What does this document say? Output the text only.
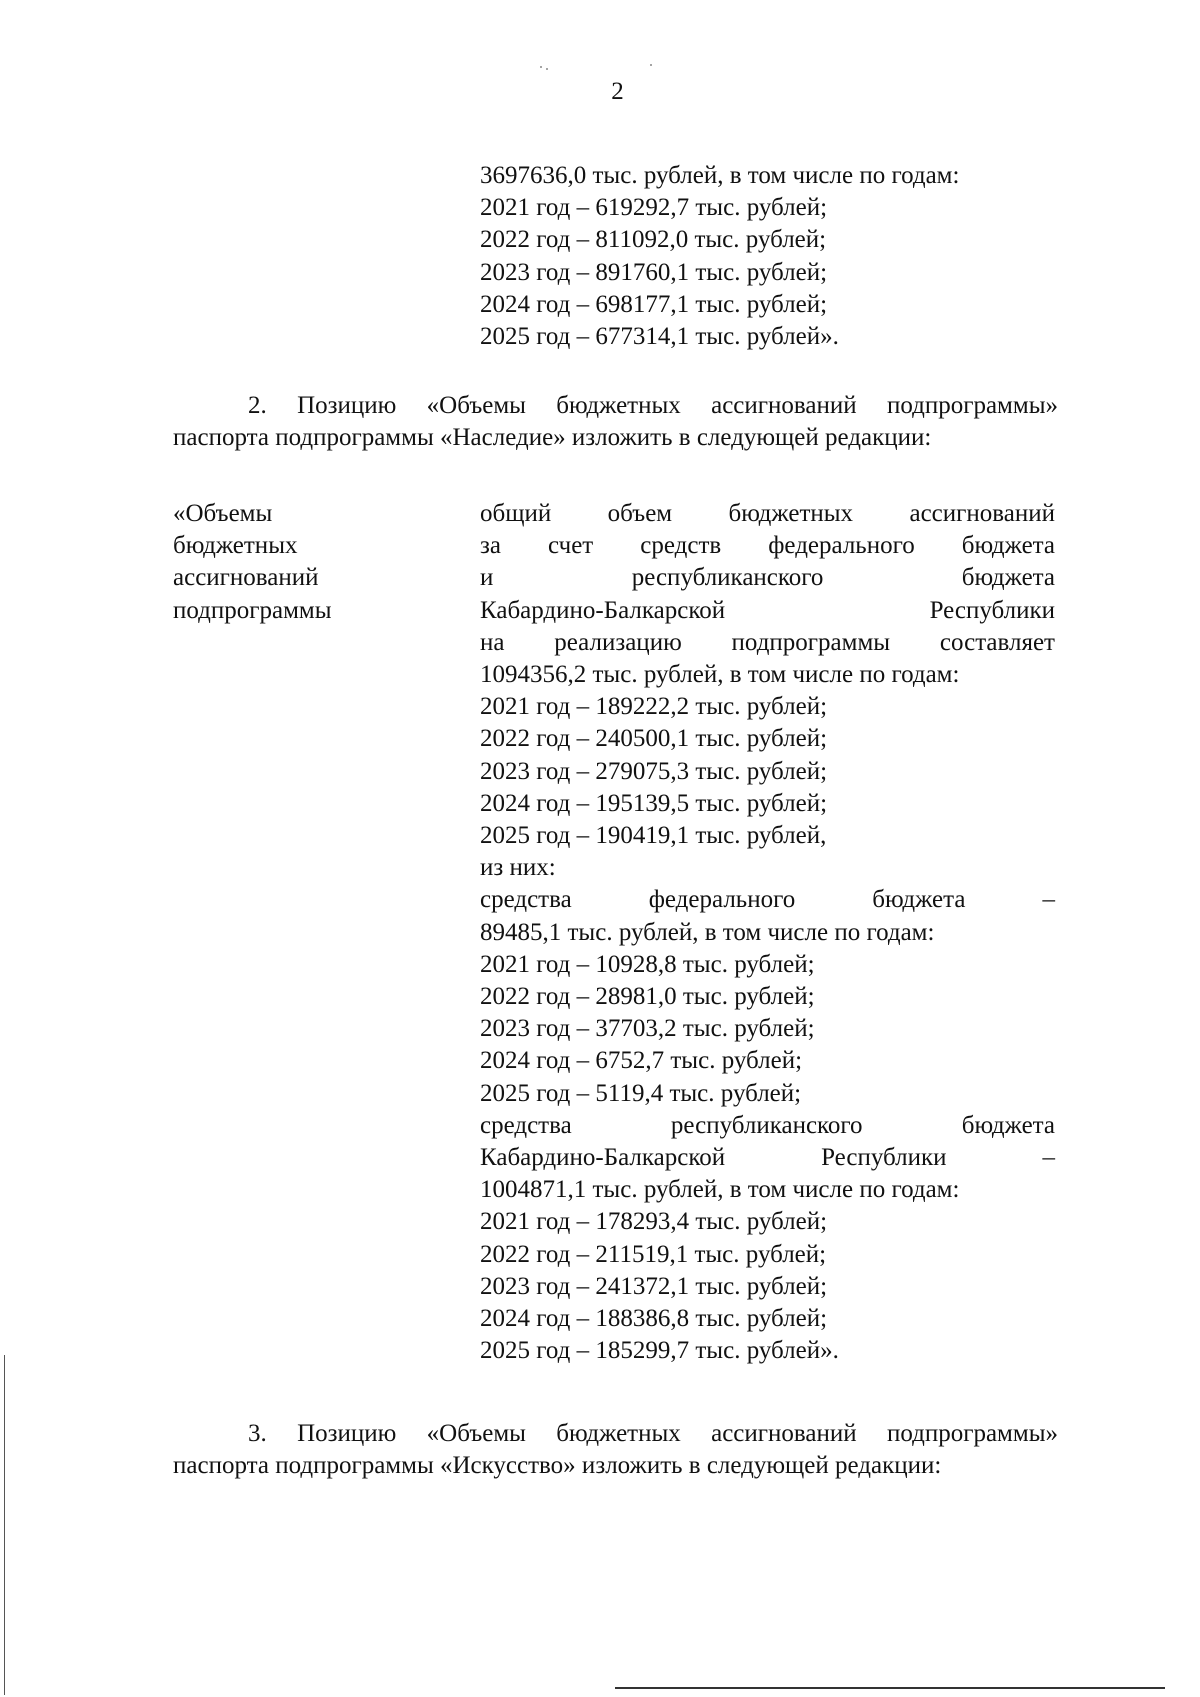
2
3697636,0 тыс. рублей, в том числе по годам:
2021 год – 619292,7 тыс. рублей;
2022 год – 811092,0 тыс. рублей;
2023 год – 891760,1 тыс. рублей;
2024 год – 698177,1 тыс. рублей;
2025 год – 677314,1 тыс. рублей».
2. Позицию «Объемы бюджетных ассигнований подпрограммы»
паспорта подпрограммы «Наследие» изложить в следующей редакции:
«Объемы
бюджетных
ассигнований
подпрограммы
общий объем бюджетных ассигнований
за счет средств федерального бюджета
и республиканского бюджета
Кабардино-Балкарской Республики
на реализацию подпрограммы составляет
1094356,2 тыс. рублей, в том числе по годам:
2021 год – 189222,2 тыс. рублей;
2022 год – 240500,1 тыс. рублей;
2023 год – 279075,3 тыс. рублей;
2024 год – 195139,5 тыс. рублей;
2025 год – 190419,1 тыс. рублей,
из них:
средства федерального бюджета –
89485,1 тыс. рублей, в том числе по годам:
2021 год – 10928,8 тыс. рублей;
2022 год – 28981,0 тыс. рублей;
2023 год – 37703,2 тыс. рублей;
2024 год – 6752,7 тыс. рублей;
2025 год – 5119,4 тыс. рублей;
средства республиканского бюджета
Кабардино-Балкарской Республики –
1004871,1 тыс. рублей, в том числе по годам:
2021 год – 178293,4 тыс. рублей;
2022 год – 211519,1 тыс. рублей;
2023 год – 241372,1 тыс. рублей;
2024 год – 188386,8 тыс. рублей;
2025 год – 185299,7 тыс. рублей».
3. Позицию «Объемы бюджетных ассигнований подпрограммы»
паспорта подпрограммы «Искусство» изложить в следующей редакции:
